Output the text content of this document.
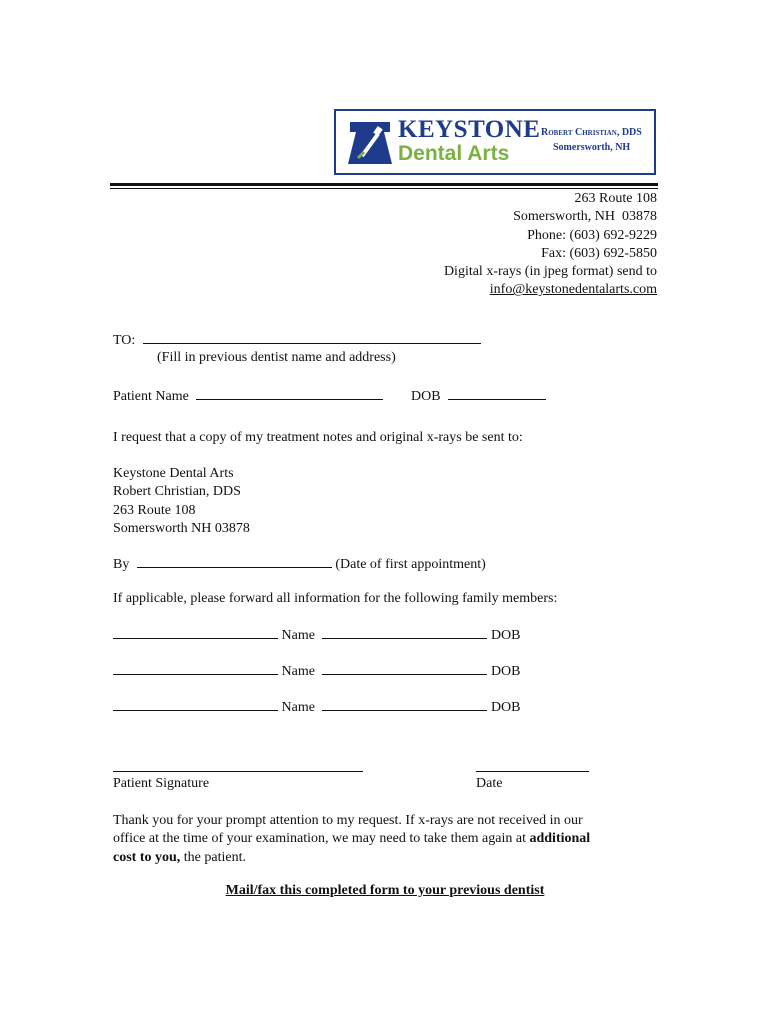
KEYSTONE
Dental Arts
Robert Christian, DDS
Somersworth, NH
263 Route 108
Somersworth, NH  03878
Phone: (603) 692-9229
Fax: (603) 692-5850
Digital x-rays (in jpeg format) send to
info@keystonedentalarts.com
TO:
(Fill in previous dentist name and address)
Patient Name	DOB
I request that a copy of my treatment notes and original x-rays be sent to:
Keystone Dental Arts
Robert Christian, DDS
263 Route 108
Somersworth NH 03878
By	(Date of first appointment)
If applicable, please forward all information for the following family members:
Name	DOB
Name	DOB
Name	DOB
Patient Signature	Date
Thank you for your prompt attention to my request. If x-rays are not received in our
office at the time of your examination, we may need to take them again at additional
cost to you, the patient.
Mail/fax this completed form to your previous dentist
